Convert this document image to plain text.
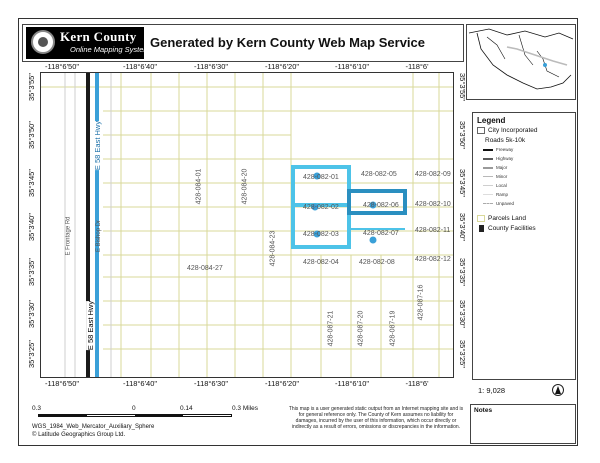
Kern County
Online Mapping System Generated by Kern County Web Map Service
-118°6'50"	-118°6'40"	-118°6'30"	-118°6'20"	-118°6'10"	-118°6'
-118°6'50"	-118°6'40"	-118°6'30"	-118°6'20"	-118°6'10"	-118°6'
35°3'55"
35°3'50"
35°3'45"
35°3'40"
35°3'35"
35°3'30"
35°3'25"
35°3'55"
35°3'50"
35°3'45"
35°3'40"
35°3'35"
35°3'30"
35°3'25"
428-082-01	428-082-05
428-082-02	428-082-06
428-082-03	428-082-07
428-082-04	428-082-08
428-082-09
428-082-10
428-082-11
428-082-12
428-084-27
428-084-01	428-084-20
428-084-23
428-087-21	428-087-20	428-087-19
428-087-16
E 58 East Hwy
E 58 East Hwy
E Frontage Rd	E Bishop Dr
Legend
City Incorporated
Roads 5k-10k
Freeway
Highway
Major
Minor
Local
Ramp
Unpaved
Parcels Land
County Facilities
1: 9,028
Notes
0.3	0	0.14	0.3 Miles
WGS_1984_Web_Mercator_Auxiliary_Sphere
© Latitude Geographics Group Ltd.
This map is a user generated static output from an Internet mapping site and is for general reference only. The County of Kern assumes no liability for damages, incurred by the user of this information, which occur directly or indirectly as a result of errors, omissions or discrepancies in the information.
